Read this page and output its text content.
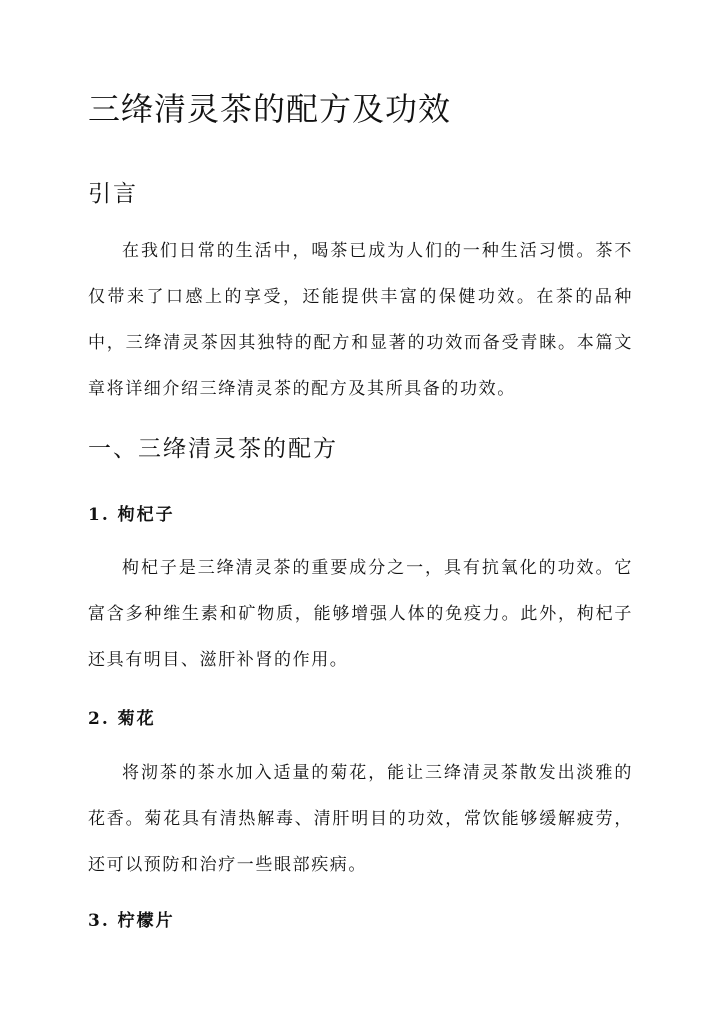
三绛清灵茶的配方及功效
引言

在我们日常的生活中，喝茶已成为人们的一种生活习惯。茶不仅带来了口感上的享受，还能提供丰富的保健功效。在茶的品种中，三绛清灵茶因其独特的配方和显著的功效而备受青睐。本篇文章将详细介绍三绛清灵茶的配方及其所具备的功效。

一、三绛清灵茶的配方
1. 枸杞子

枸杞子是三绛清灵茶的重要成分之一，具有抗氧化的功效。它富含多种维生素和矿物质，能够增强人体的免疫力。此外，枸杞子还具有明目、滋肝补肾的作用。

2. 菊花

将沏茶的茶水加入适量的菊花，能让三绛清灵茶散发出淡雅的花香。菊花具有清热解毒、清肝明目的功效，常饮能够缓解疲劳，还可以预防和治疗一些眼部疾病。

3. 柠檬片
